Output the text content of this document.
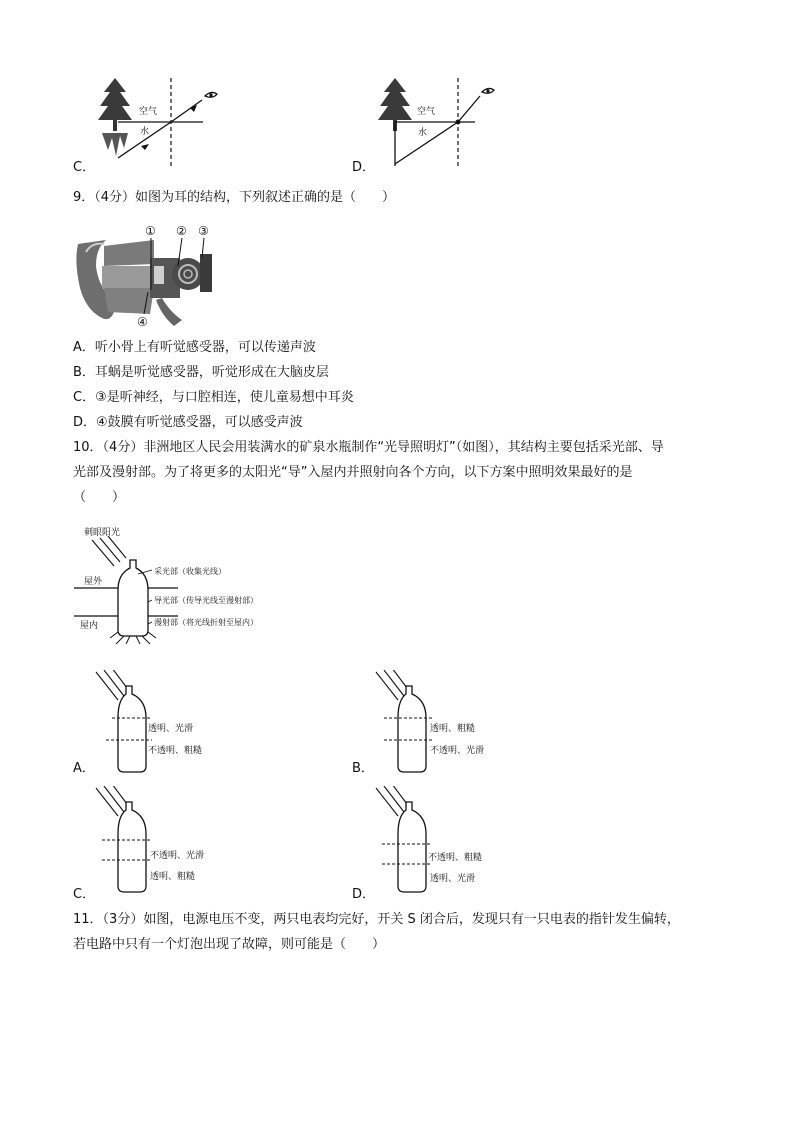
空气
水
C．
空气
水
D．
9．（4分）如图为耳的结构，下列叙述正确的是（　　）
① ② ③
④
A．听小骨上有听觉感受器，可以传递声波
B．耳蜗是听觉感受器，听觉形成在大脑皮层
C．③是听神经，与口腔相连，使儿童易想中耳炎
D．④鼓膜有听觉感受器，可以感受声波
10．（4分）非洲地区人民会用装满水的矿泉水瓶制作“光导照明灯”（如图），其结构主要包括采光部、导
光部及漫射部。为了将更多的太阳光“导”入屋内并照射向各个方向，以下方案中照明效果最好的是
（　　）
刺眼阳光
屋外
屋内
采光部（收集光线）
导光部（传导光线至漫射部）
漫射部（将光线折射至屋内）
透明、光滑
不透明、粗糙
A．
透明、粗糙
不透明、光滑
B．
不透明、光滑
透明、粗糙
C．
不透明、粗糙
透明、光滑
D．
11．（3分）如图，电源电压不变，两只电表均完好，开关 S 闭合后，发现只有一只电表的指针发生偏转，
若电路中只有一个灯泡出现了故障，则可能是（　　）
